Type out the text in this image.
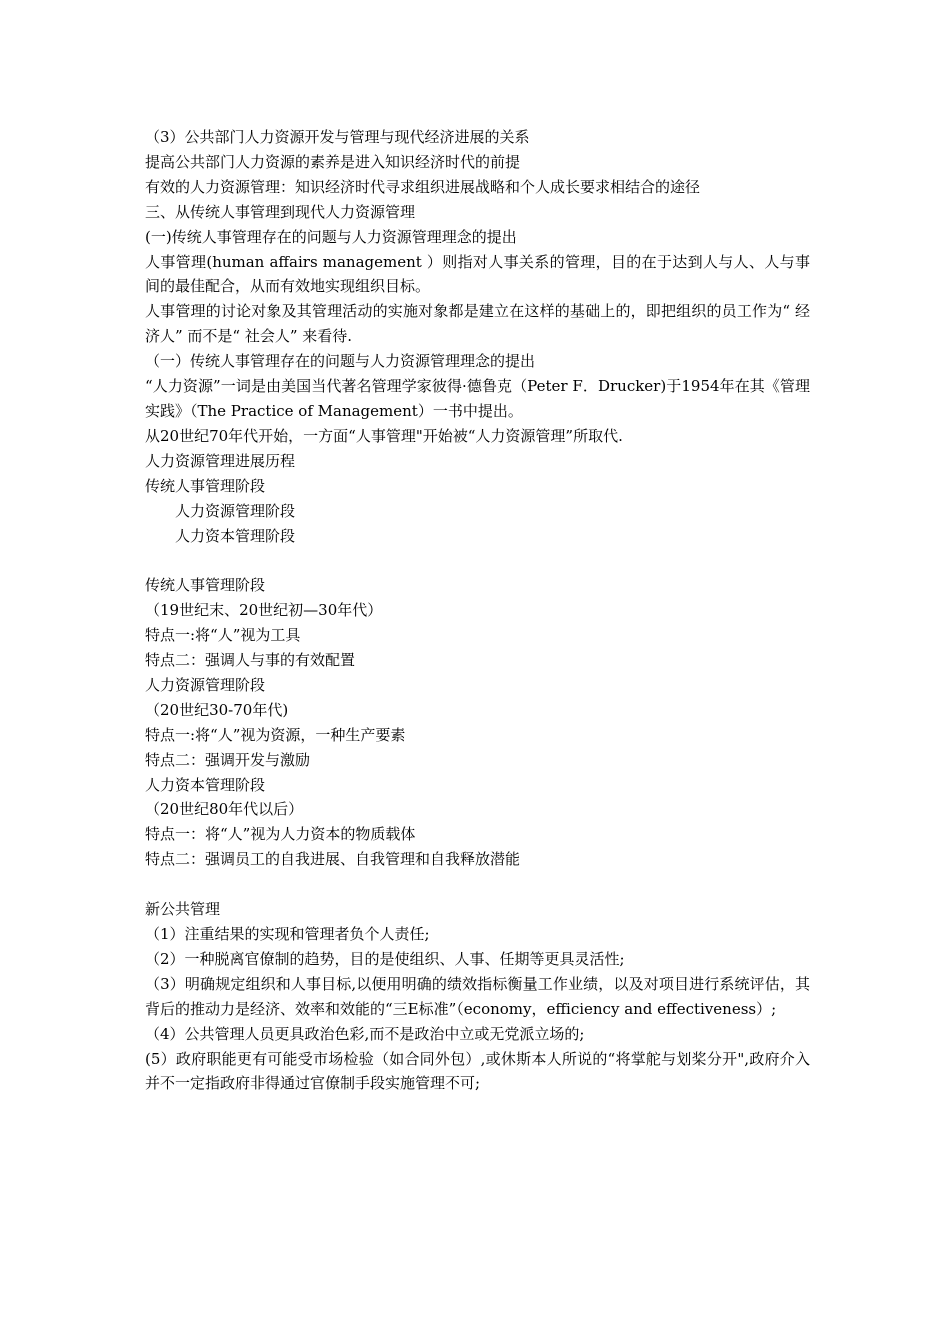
（3）公共部门人力资源开发与管理与现代经济进展的关系
提高公共部门人力资源的素养是进入知识经济时代的前提
有效的人力资源管理：知识经济时代寻求组织进展战略和个人成长要求相结合的途径
三、从传统人事管理到现代人力资源管理
(一)传统人事管理存在的问题与人力资源管理理念的提出
人事管理(human affairs management ）则指对人事关系的管理，目的在于达到人与人、人与事间的最佳配合，从而有效地实现组织目标。
人事管理的讨论对象及其管理活动的实施对象都是建立在这样的基础上的，即把组织的员工作为“ 经济人” 而不是“ 社会人” 来看待.
（一）传统人事管理存在的问题与人力资源管理理念的提出
“人力资源”一词是由美国当代著名管理学家彼得·德鲁克（Peter F．Drucker)于1954年在其《管理实践》（The Practice of Management）一书中提出。
从20世纪70年代开始，一方面“人事管理"开始被“人力资源管理”所取代.
人力资源管理进展历程
传统人事管理阶段
人力资源管理阶段
人力资本管理阶段
传统人事管理阶段
（19世纪末、20世纪初—30年代）
特点一:将“人”视为工具
特点二：强调人与事的有效配置
人力资源管理阶段
（20世纪30-70年代)
特点一:将“人”视为资源，一种生产要素
特点二：强调开发与激励
人力资本管理阶段
（20世纪80年代以后）
特点一：将“人”视为人力资本的物质载体
特点二：强调员工的自我进展、自我管理和自我释放潜能
新公共管理
（1）注重结果的实现和管理者负个人责任;
（2）一种脱离官僚制的趋势，目的是使组织、人事、任期等更具灵活性;
（3）明确规定组织和人事目标,以便用明确的绩效指标衡量工作业绩，以及对项目进行系统评估，其背后的推动力是经济、效率和效能的“三E标准”（economy，efficiency and effectiveness）;
（4）公共管理人员更具政治色彩,而不是政治中立或无党派立场的;
(5）政府职能更有可能受市场检验（如合同外包）,或休斯本人所说的“将掌舵与划桨分开",政府介入并不一定指政府非得通过官僚制手段实施管理不可;
